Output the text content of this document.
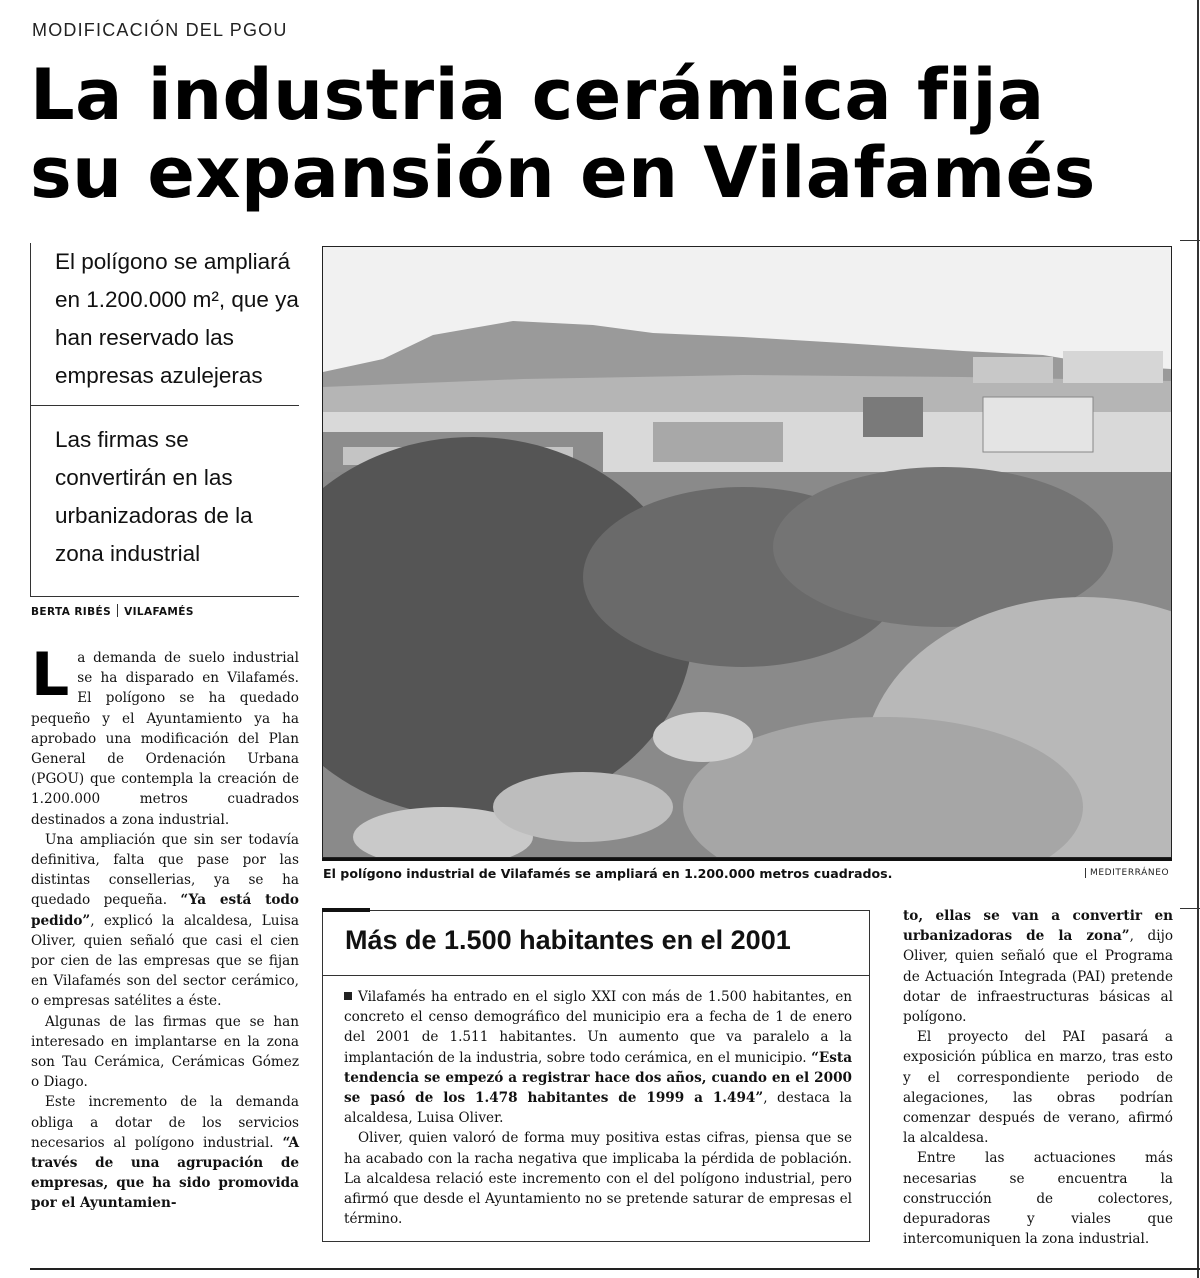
MODIFICACIÓN DEL PGOU

La industria cerámica fija
su expansión en Vilafamés

El polígono se ampliará en 1.200.000 m², que ya han reservado las empresas azulejeras

Las firmas se convertirán en las urbanizadoras de la zona industrial

BERTA RIBÉS VILAFAMÉS

La demanda de suelo industrial se ha disparado en Vilafamés. El polígono se ha quedado pequeño y el Ayuntamiento ya ha aprobado una modificación del Plan General de Ordenación Urbana (PGOU) que contempla la creación de 1.200.000 metros cuadrados destinados a zona industrial.

Una ampliación que sin ser todavía definitiva, falta que pase por las distintas consellerias, ya se ha quedado pequeña. “Ya está todo pedido”, explicó la alcaldesa, Luisa Oliver, quien señaló que casi el cien por cien de las empresas que se fijan en Vilafamés son del sector cerámico, o empresas satélites a éste.

Algunas de las firmas que se han interesado en implantarse en la zona son Tau Cerámica, Cerámicas Gómez o Diago.

Este incremento de la demanda obliga a dotar de los servicios necesarios al polígono industrial. “A través de una agrupación de empresas, que ha sido promovida por el Ayuntamien-

El polígono industrial de Vilafamés se ampliará en 1.200.000 metros cuadrados.	MEDITERRÁNEO

Más de 1.500 habitantes en el 2001

Vilafamés ha entrado en el siglo XXI con más de 1.500 habitantes, en concreto el censo demográfico del municipio era a fecha de 1 de enero del 2001 de 1.511 habitantes. Un aumento que va paralelo a la implantación de la industria, sobre todo cerámica, en el municipio. “Esta tendencia se empezó a registrar hace dos años, cuando en el 2000 se pasó de los 1.478 habitantes de 1999 a 1.494”, destaca la alcaldesa, Luisa Oliver.

Oliver, quien valoró de forma muy positiva estas cifras, piensa que se ha acabado con la racha negativa que implicaba la pérdida de población. La alcaldesa relació este incremento con el del polígono industrial, pero afirmó que desde el Ayuntamiento no se pretende saturar de empresas el término.

to, ellas se van a convertir en urbanizadoras de la zona”, dijo Oliver, quien señaló que el Programa de Actuación Integrada (PAI) pretende dotar de infraestructuras básicas al polígono.

El proyecto del PAI pasará a exposición pública en marzo, tras esto y el correspondiente periodo de alegaciones, las obras podrían comenzar después de verano, afirmó la alcaldesa.

Entre las actuaciones más necesarias se encuentra la construcción de colectores, depuradoras y viales que intercomuniquen la zona industrial.
